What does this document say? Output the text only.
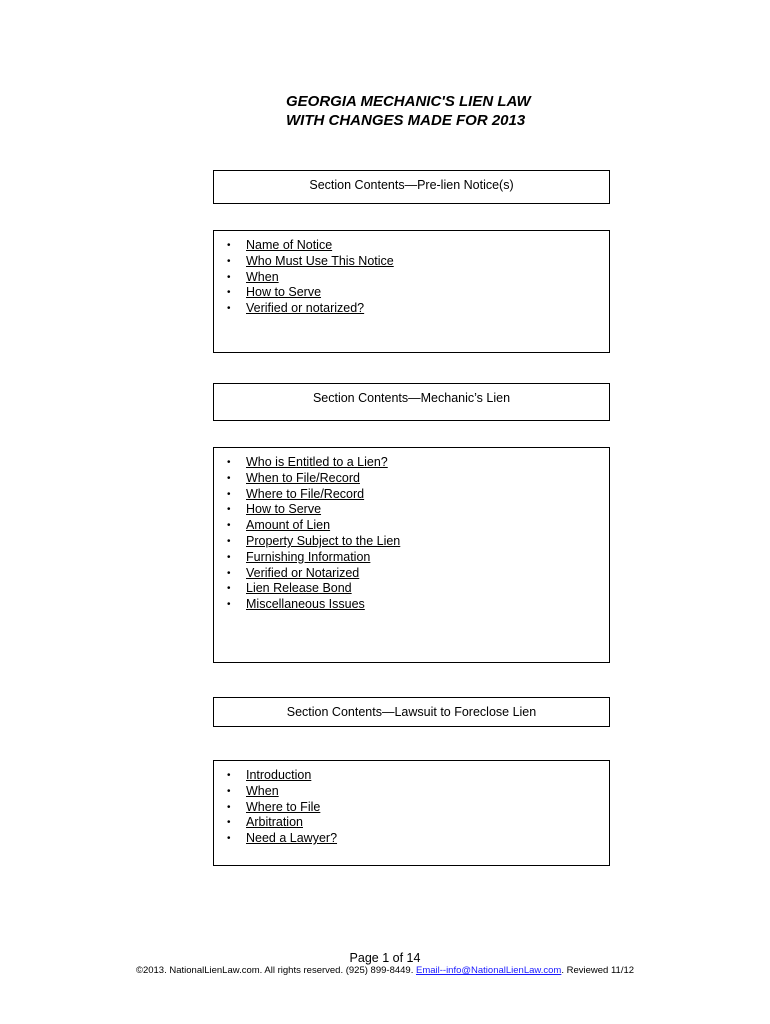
GEORGIA MECHANIC'S LIEN LAW
WITH CHANGES MADE FOR 2013
Section Contents—Pre-lien Notice(s)
• Name of Notice
• Who Must Use This Notice
• When
• How to Serve
• Verified or notarized?
Section Contents—Mechanic’s Lien
• Who is Entitled to a Lien?
• When to File/Record
• Where to File/Record
• How to Serve
• Amount of Lien
• Property Subject to the Lien
• Furnishing Information
• Verified or Notarized
• Lien Release Bond
• Miscellaneous Issues
Section Contents—Lawsuit to Foreclose Lien
• Introduction
• When
• Where to File
• Arbitration
• Need a Lawyer?
Page 1 of 14
©2013. NationalLienLaw.com. All rights reserved. (925) 899-8449. Email--info@NationalLienLaw.com. Reviewed 11/12
